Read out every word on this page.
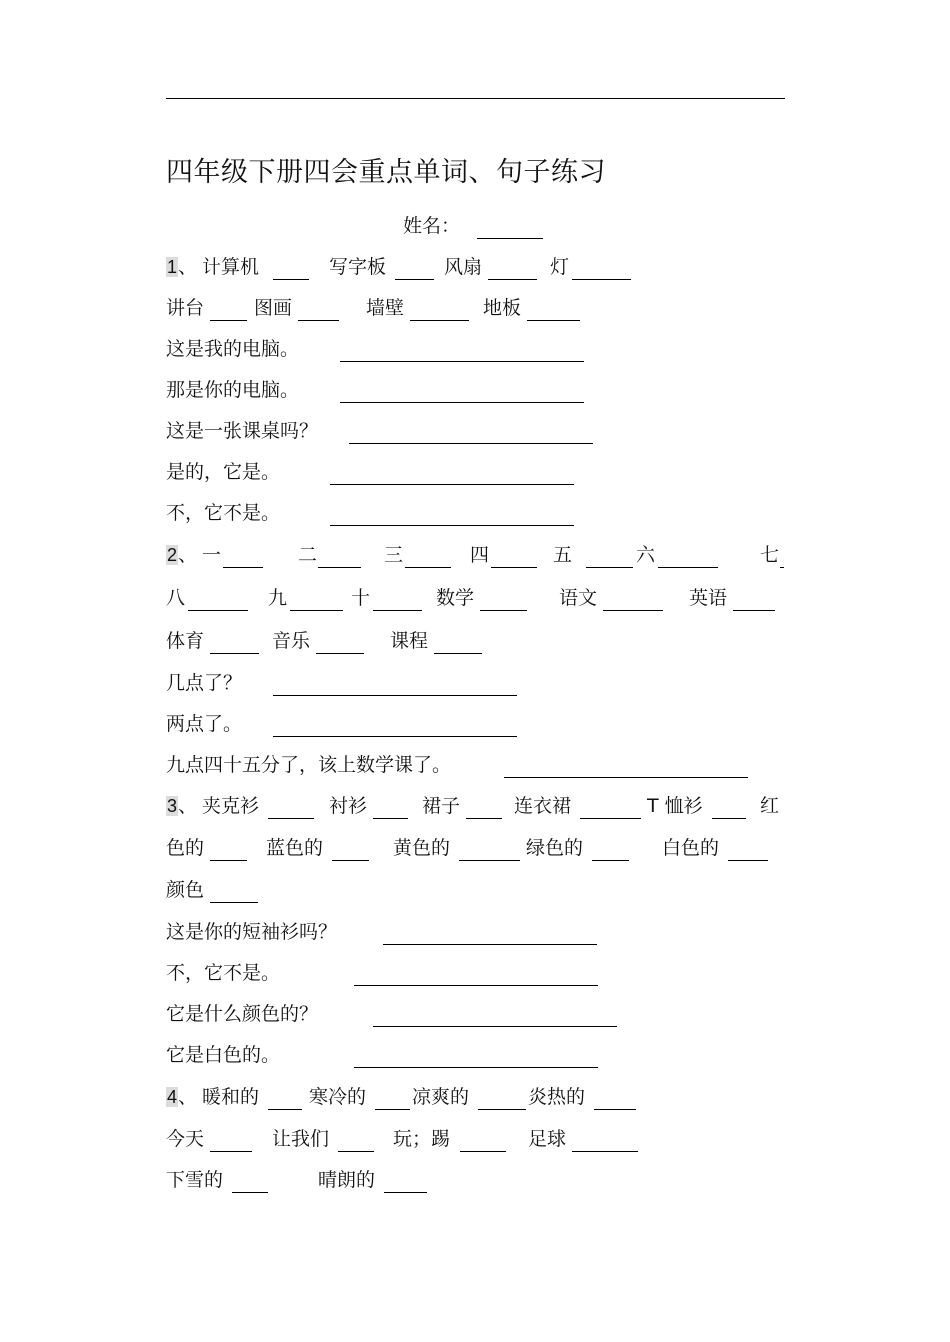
四年级下册四会重点单词、句子练习
姓名：
1、 计算机	写字板	风扇	灯
讲台	图画	墙壁	地板
这是我的电脑。
那是你的电脑。
这是一张课桌吗？
是的，它是。
不，它不是。
2、 一	二	三	四	五	六	七
八	九	十	数学	语文	英语
体育	音乐	课程
几点了？
两点了。
九点四十五分了，该上数学课了。
3、 夹克衫	衬衫	裙子	连衣裙	T 恤衫	红
色的	蓝色的	黄色的	绿色的	白色的
颜色
这是你的短袖衫吗？
不，它不是。
它是什么颜色的？
它是白色的。
4、 暖和的	寒冷的 凉爽的	炎热的
今天	让我们	玩；踢	足球
下雪的	晴朗的
